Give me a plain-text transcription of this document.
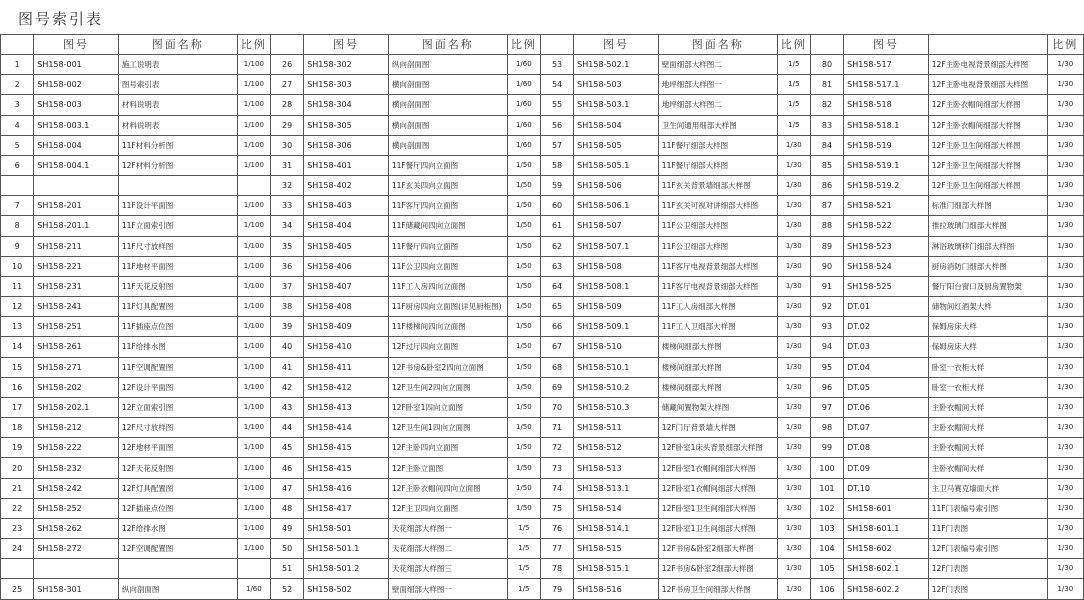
图号索引表
	图号	图面名称	比例		图号	图面名称	比例		图号	图面名称	比例		图号		比例
1	SH158-001	施工说明表	1/100	26	SH158-302	纵向剖面图	1/60	53	SH158-502.1	壁面细部大样图二	1/5	80	SH158-517	12F主卧电视背景细部大样图	1/30
2	SH158-002	图号索引表	1/100	27	SH158-303	横向剖面图	1/60	54	SH158-503	地坪细部大样图一	1/5	81	SH158-517.1	12F主卧电视背景细部大样图	1/30
3	SH158-003	材料说明表	1/100	28	SH158-304	横向剖面图	1/60	55	SH158-503.1	地坪细部大样图二	1/5	82	SH158-518	12F主卧衣帽间细部大样图	1/30
4	SH158-003.1	材料说明表	1/100	29	SH158-305	横向剖面图	1/60	56	SH158-504	卫生间通用细部大样图	1/5	83	SH158-518.1	12F主卧衣帽间细部大样图	1/30
5	SH158-004	11F材料分析图	1/100	30	SH158-306	横向剖面图	1/60	57	SH158-505	11F餐厅细部大样图	1/30	84	SH158-519	12F主卧卫生间细部大样图	1/30
6	SH158-004.1	12F材料分析图	1/100	31	SH158-401	11F餐厅四向立面图	1/50	58	SH158-505.1	11F餐厅细部大样图	1/30	85	SH158-519.1	12F主卧卫生间细部大样图	1/30
				32	SH158-402	11F玄关四向立面图	1/50	59	SH158-506	11F玄关背景墙细部大样图	1/30	86	SH158-519.2	12F主卧卫生间细部大样图	1/30
7	SH158-201	11F设计平面图	1/100	33	SH158-403	11F客厅四向立面图	1/50	60	SH158-506.1	11F玄关可视对讲细部大样图	1/30	87	SH158-521	标准门细部大样图	1/30
8	SH158-201.1	11F立面索引图	1/100	34	SH158-404	11F储藏间四向立面图	1/50	61	SH158-507	11F公卫细部大样图	1/30	88	SH158-522	推拉玻璃门细部大样图	1/30
9	SH158-211	11F尺寸放样图	1/100	35	SH158-405	11F餐厅四向立面图	1/50	62	SH158-507.1	11F公卫细部大样图	1/30	89	SH158-523	淋浴玻璃移门细部大样图	1/30
10	SH158-221	11F地材平面图	1/100	36	SH158-406	11F公卫四向立面图	1/50	63	SH158-508	11F客厅电视背景细部大样图	1/30	90	SH158-524	厨房消防门细部大样图	1/30
11	SH158-231	11F天花反射图	1/100	37	SH158-407	11F工人房四向立面图	1/50	64	SH158-508.1	11F客厅电视背景细部大样图	1/30	91	SH158-525	餐厅阳台窗口及厨房置物架	1/30
12	SH158-241	11F灯具配置图	1/100	38	SH158-408	11F厨房四向立面图(详见厨柜图)	1/50	65	SH158-509	11F工人房细部大样图	1/30	92	DT.01	储物间红酒架大样	1/30
13	SH158-251	11F插座点位图	1/100	39	SH158-409	11F楼梯间四向立面图	1/50	66	SH158-509.1	11F工人卫细部大样图	1/30	93	DT.02	保姆房床大样	1/30
14	SH158-261	11F给排水图	1/100	40	SH158-410	12F过厅四向立面图	1/50	67	SH158-510	楼梯间细部大样图	1/30	94	DT.03	保姆房床大样	1/30
15	SH158-271	11F空调配置图	1/100	41	SH158-411	12F书房&卧室2四向立面图	1/50	68	SH158-510.1	楼梯间细部大样图	1/30	95	DT.04	卧室一衣柜大样	1/30
16	SH158-202	12F设计平面图	1/100	42	SH158-412	12F卫生间2四向立面图	1/50	69	SH158-510.2	楼梯间细部大样图	1/30	96	DT.05	卧室一衣柜大样	1/30
17	SH158-202.1	12F立面索引图	1/100	43	SH158-413	12F卧室1四向立面图	1/50	70	SH158-510.3	储藏间置物架大样图	1/30	97	DT.06	主卧衣帽间大样	1/30
18	SH158-212	12F尺寸放样图	1/100	44	SH158-414	12F卫生间1四向立面图	1/50	71	SH158-511	12F门厅背景墙大样图	1/30	98	DT.07	主卧衣帽间大样	1/30
19	SH158-222	12F地材平面图	1/100	45	SH158-415	12F主卧四向立面图	1/50	72	SH158-512	12F卧室1床头背景细部大样图	1/30	99	DT.08	主卧衣帽间大样	1/30
20	SH158-232	12F天花反射图	1/100	46	SH158-415	12F主卧立面图	1/50	73	SH158-513	12F卧室1衣帽间细部大样图	1/30	100	DT.09	主卧衣帽间大样	1/30
21	SH158-242	12F灯具配置图	1/100	47	SH158-416	12F主卧衣帽间四向立面图	1/50	74	SH158-513.1	12F卧室1衣帽间细部大样图	1/30	101	DT.10	主卫马赛克墙面大样	1/30
22	SH158-252	12F插座点位图	1/100	48	SH158-417	12F主卫四向立面图	1/50	75	SH158-514	12F卧室1卫生间细部大样图	1/30	102	SH158-601	11F门表编号索引图	1/30
23	SH158-262	12F给排水图	1/100	49	SH158-501	天花细部大样图一	1/5	76	SH158-514.1	12F卧室1卫生间细部大样图	1/30	103	SH158-601.1	11F门表图	1/30
24	SH158-272	12F空调配置图	1/100	50	SH158-501.1	天花细部大样图二	1/5	77	SH158-515	12F书房&卧室2细部大样图	1/30	104	SH158-602	12F门表编号索引图	1/30
				51	SH158-501.2	天花细部大样图三	1/5	78	SH158-515.1	12F书房&卧室2细部大样图	1/30	105	SH158-602.1	12F门表图	1/30
25	SH158-301	纵向剖面图	1/60	52	SH158-502	壁面细部大样图一	1/5	79	SH158-516	12F书房卫生间细部大样图	1/30	106	SH158-602.2	12F门表图	1/30
